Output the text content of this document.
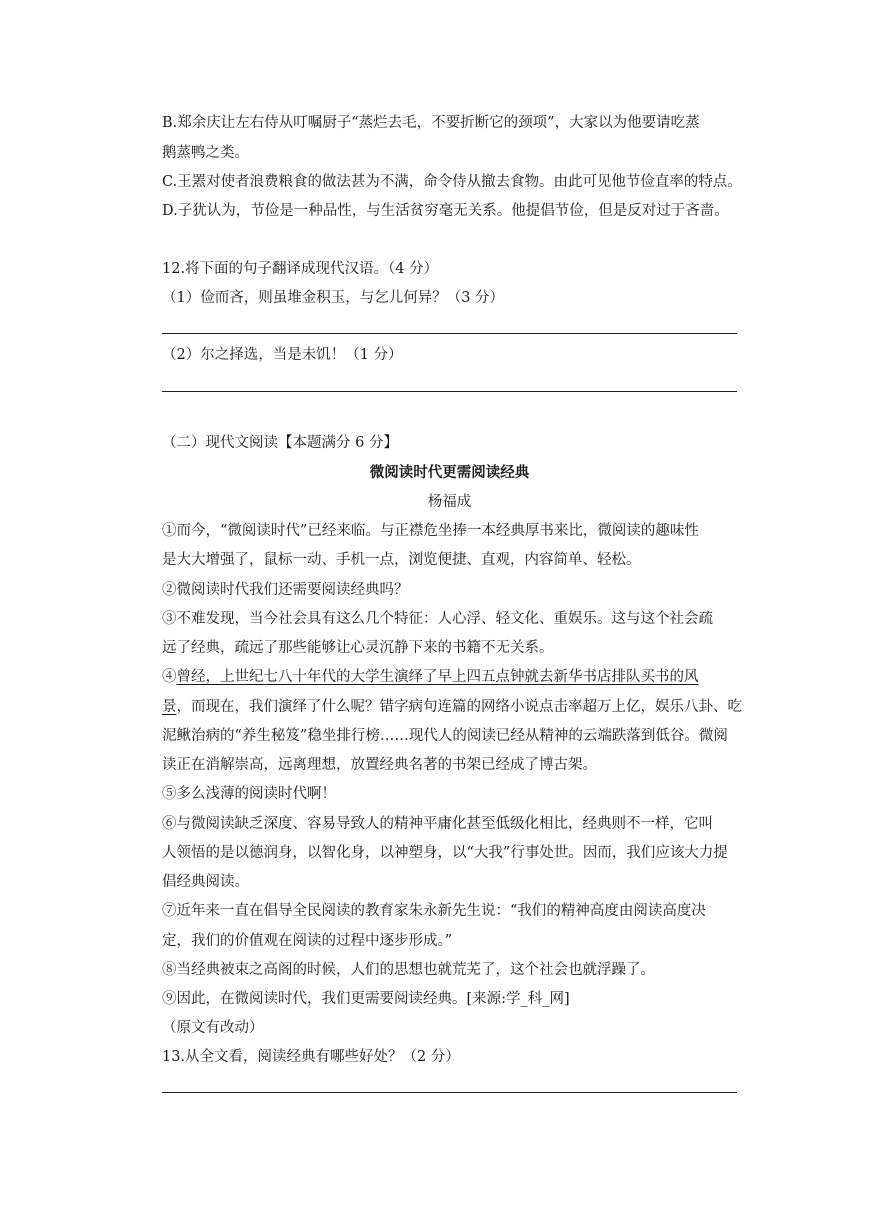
B.郑余庆让左右侍从叮嘱厨子“蒸烂去毛，不要折断它的颈项”，大家以为他要请吃蒸
鹅蒸鸭之类。
C.王罴对使者浪费粮食的做法甚为不满，命令侍从撤去食物。由此可见他节俭直率的特点。
D.子犹认为，节俭是一种品性，与生活贫穷毫无关系。他提倡节俭，但是反对过于吝啬。
12.将下面的句子翻译成现代汉语。（4 分）
（1）俭而吝，则虽堆金积玉，与乞儿何异？（3 分）
（2）尔之择选，当是未饥！（1 分）
（二）现代文阅读【本题满分 6 分】
微阅读时代更需阅读经典
杨福成
①而今，“微阅读时代”已经来临。与正襟危坐捧一本经典厚书来比，微阅读的趣味性
是大大增强了，鼠标一动、手机一点，浏览便捷、直观，内容简单、轻松。
②微阅读时代我们还需要阅读经典吗？
③不难发现，当今社会具有这么几个特征：人心浮、轻文化、重娱乐。这与这个社会疏
远了经典，疏远了那些能够让心灵沉静下来的书籍不无关系。
④曾经，上世纪七八十年代的大学生演绎了早上四五点钟就去新华书店排队买书的风
景，而现在，我们演绎了什么呢？错字病句连篇的网络小说点击率超万上亿，娱乐八卦、吃
泥鳅治病的“养生秘笈”稳坐排行榜……现代人的阅读已经从精神的云端跌落到低谷。微阅
读正在消解崇高，远离理想，放置经典名著的书架已经成了博古架。
⑤多么浅薄的阅读时代啊！
⑥与微阅读缺乏深度、容易导致人的精神平庸化甚至低级化相比，经典则不一样，它叫
人领悟的是以德润身，以智化身，以神塑身，以“大我”行事处世。因而，我们应该大力提
倡经典阅读。
⑦近年来一直在倡导全民阅读的教育家朱永新先生说：“我们的精神高度由阅读高度决
定，我们的价值观在阅读的过程中逐步形成。”
⑧当经典被束之高阁的时候，人们的思想也就荒芜了，这个社会也就浮躁了。
⑨因此，在微阅读时代，我们更需要阅读经典。[来源:学_科_网]
（原文有改动）
13.从全文看，阅读经典有哪些好处？（2 分）
